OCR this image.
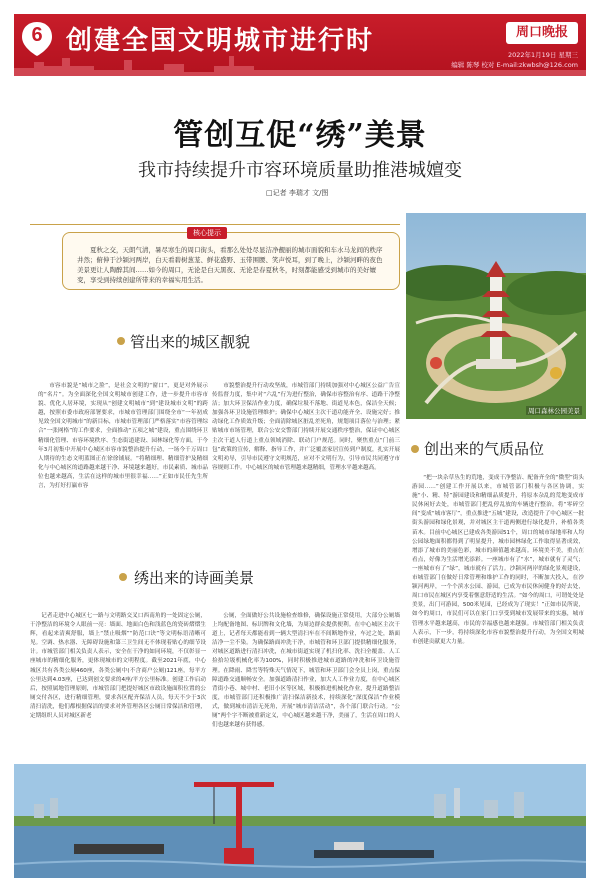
6 创建全国文明城市进行时	周口晚报
2022年1月19日 星期三
编辑 陈琴 校对 E-mail:zkwbsh@126.com
管创互促“绣”美景
我市持续提升市容环境质量助推港城嬗变
□记者 李瑞才 文/图
核心提示

夏秋之交，天朗气清，暑尽寒生的周口街头，看那么处处尽显洁净靓丽的城市面貌和车水马龙间的秩序井然；俯伸于沙颍河两岸，白天看碧树葱茏、鲜花盛野、玉带围腰、笑声悦耳，到了晚上，沙颍河畔的夜色美景更让人陶醉其间……如今的周口，无论是白天黑夜、无论是春夏秋冬，时刻都能感受到城市的美好嬗变，享受到持续创建所带来的幸福实用生活。

周口森林公园美景
管出来的城区靓貌

市容市貌是“城市之脸”，是社会文明的“窗口”，更是对外展示的“名片”。为全面深化全国文明城市创建工作，进一步提升市容市貌、优化人居环境，实现从“创建文明城市”到“建设城市文明”的跨越，按照市委市政府部署要求，市城市管理部门围绕全市“一年初成见效全国文明城市”的新目标，市城市管理部门严格落实“市容管理综合“一张网格”的工作要求，全面推动“五项之城”建设，重点围绕环卫精细化管理、市容环境秩序、生态街道建设、园林绿化等方面，于今年3月初集中开展中心城区市容市貌整治提升行动，一场今千万周口人期待的生态文明蓝图正在徐徐铺展。“将精细理、精细管护及精细化与中心城区的道路越来越干净、环境越来越好，市民素质、城市品位也越来越高，生活在这样的城市里很幸福……”正如市民任先生所言，为打好打赢市容

市貌整治提升行动攻坚战，市城管部门持续加强对中心城区公益广告宣传监督力度，集中对“六乱”行为进行整治，确保市容整治有序、道路干净整洁；加大环卫保洁作业力度，确保垃圾不落地、街道见本色，保洁全天候；加强各环卫设施管理维护；确保中心城区主次干道功能齐全、设施完好；推动绿化工作质效升级；全面清除城区脏乱差死角，规划项目落位与治理；紧贴城市市场管理，联合公安交警部门持续开展交通秩序整治，保证中心城区主次干道人行道上重点领域消除、联动门户规范。同时，聚焦重点“门前三包”政策的宣传，解释、指导工作，并广泛覆盖家居宣传到户制度，扎实开展文明劝导，引导市民遵守文明规范，应对不文明行为，引导市民共同遵守市容规则工作。中心城区的城市管理越来越精细，管理水平越来越高。

绣出来的诗画美景

记者走进中心城区七一路与文明路交叉口西南角的一处固定公厕，干净整洁的环境令人眼前一亮：墙面、地面白色和浅蓝色的瓷砖熠熠生辉，看起来清爽舒服，墙上“禁止吸烟”“防范口诀”等文明标语清晰可见。空调、热水器、无障碍设施和第三卫生间无不体现着贴心的细节设计。市城管部门相关负责人表示，安全在干净的如同环境，不仅彰显一座城市的精细化服务，更体现城市的文明程度。截至2021年底，中心城区共有各类公厕460座，各类公厕中(不含商户公厕)121座，每平方公里达到4.03座，已达到创文要求的4座/平方公里标准。创建工作启动后，按照属地管理原则，市城管部门把提好城区市政设施面积位置的公厕交付各区，进行精细管理，要求各区配齐保洁人员，每天不少于3次清扫清洗，他们都根据保洁的要求对外管理各区公厕日常保洁和管理，定期组织人员对城区新老

公厕，全面做好公共设施检查维修，确保设施正常使用，大部分公厕墙上均配备地图、标识牌和文化墙，为周边群众提供便利。在中心城区主次干道上，记者每天都能看到一辆大型清扫车在不间断地作业，车过之处，路面洁净一尘不染。为确保路面冲洗干净，市城管和环卫部门提供精细化服务，对城区道路进行清扫冲洗，在城市街道实现了机扫化率、洗扫全覆盖、人工捡拾垃圾机械化率为100%，同时积极推进城市道路的冲洗和环卫设施管理。在降雨、降雪等特殊天气情况下，城管和环卫部门会全员上岗，重点保障道路交通顺畅安全。加强道路清扫作业，加大人工作业力度，在中心城区背街小巷、城中村、老旧小区等区域，积极推进机械化作业，提升道路整洁度，市城管部门还积极推广清扫保洁新技术，持续深化“深度保洁”作业模式，做到城市清洁无死角，开展“城市清洁活动”，各个部门联合行动。“公厕”两个字不断被重新定义，中心城区越来越干净，美丽了，生活在周口的人们也越来越有获得感。

创出来的气质品位

“把一块杂草丛生的荒地，变成干净整洁、配备齐全的“微型”街头游园……”创建工作开展以来，市城管部门积极与各区协调，实施“小、精、特”游园建设和精细品质提升，将原本杂乱的荒地变成市民休闲好去处，市城管部门把乱停乱放的车辆进行整治，将“零碎空间”变成“城市客厅”，重点推进“五城”建设，改造提升了中心城区一批街头游园和绿化景观，并对城区主干道两侧进行绿化提升，补植各类苗木。目前中心城区已建成各类游园51个，周口的城市绿地率和人均公园绿地面积都得到了明显提升，城市园林绿化工作取得显著成效，增添了城市的美丽色彩，城市的颜值越来越高。环境美不美，重点在看点，好像为生活增光添彩。一座城市有了“水”，城市就有了灵气；一座城市有了“绿”，城市就有了活力。沙颍河两岸的绿化景观建设，市城管部门在做好日常管理和维护工作的同时，不断加大投入，在沙颍河两岸，一个个滨水公园、游园，已成为市民休闲健身的好去处，周口市民在城区内享受着惬意舒适的生活。“如今的周口，可谓处处是美景，出门可游园，500米见园，已经成为了现实！”正如市民所说，如今的周口，市民们可以在家门口享受到城市发展带来的实惠，城市管理水平越来越高，市民的幸福感也越来越强。市城管部门相关负责人表示，下一步，将持续深化市容市貌整治提升行动，为全国文明城市创建贡献更大力量。
